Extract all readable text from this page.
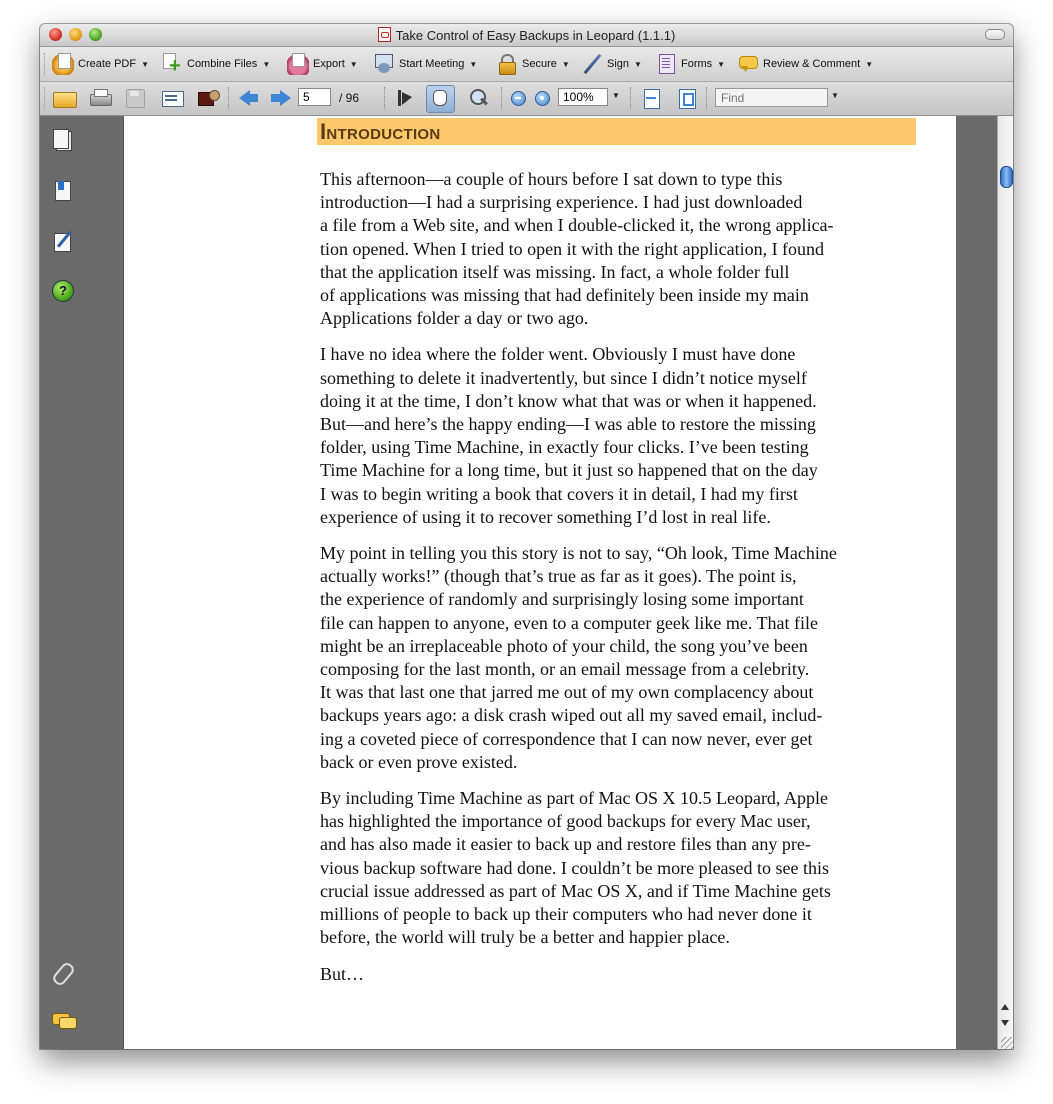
Take Control of Easy Backups in Leopard (1.1.1)
Create PDF ▼
+	Combine Files ▼	Export ▼	Start Meeting ▼	Secure ▼	Sign ▼	Forms ▼	Review & Comment ▼
5
/ 96
100%	▼
Find	▼
?
Introduction

This afternoon—a couple of hours before I sat down to type this
introduction—I had a surprising experience. I had just downloaded
a file from a Web site, and when I double-clicked it, the wrong applica-
tion opened. When I tried to open it with the right application, I found
that the application itself was missing. In fact, a whole folder full
of applications was missing that had definitely been inside my main
Applications folder a day or two ago.

I have no idea where the folder went. Obviously I must have done
something to delete it inadvertently, but since I didn’t notice myself
doing it at the time, I don’t know what that was or when it happened.
But—and here’s the happy ending—I was able to restore the missing
folder, using Time Machine, in exactly four clicks. I’ve been testing
Time Machine for a long time, but it just so happened that on the day
I was to begin writing a book that covers it in detail, I had my first
experience of using it to recover something I’d lost in real life.

My point in telling you this story is not to say, “Oh look, Time Machine
actually works!” (though that’s true as far as it goes). The point is,
the experience of randomly and surprisingly losing some important
file can happen to anyone, even to a computer geek like me. That file
might be an irreplaceable photo of your child, the song you’ve been
composing for the last month, or an email message from a celebrity.
It was that last one that jarred me out of my own complacency about
backups years ago: a disk crash wiped out all my saved email, includ-
ing a coveted piece of correspondence that I can now never, ever get
back or even prove existed.

By including Time Machine as part of Mac OS X 10.5 Leopard, Apple
has highlighted the importance of good backups for every Mac user,
and has also made it easier to back up and restore files than any pre-
vious backup software had done. I couldn’t be more pleased to see this
crucial issue addressed as part of Mac OS X, and if Time Machine gets
millions of people to back up their computers who had never done it
before, the world will truly be a better and happier place.

But…
